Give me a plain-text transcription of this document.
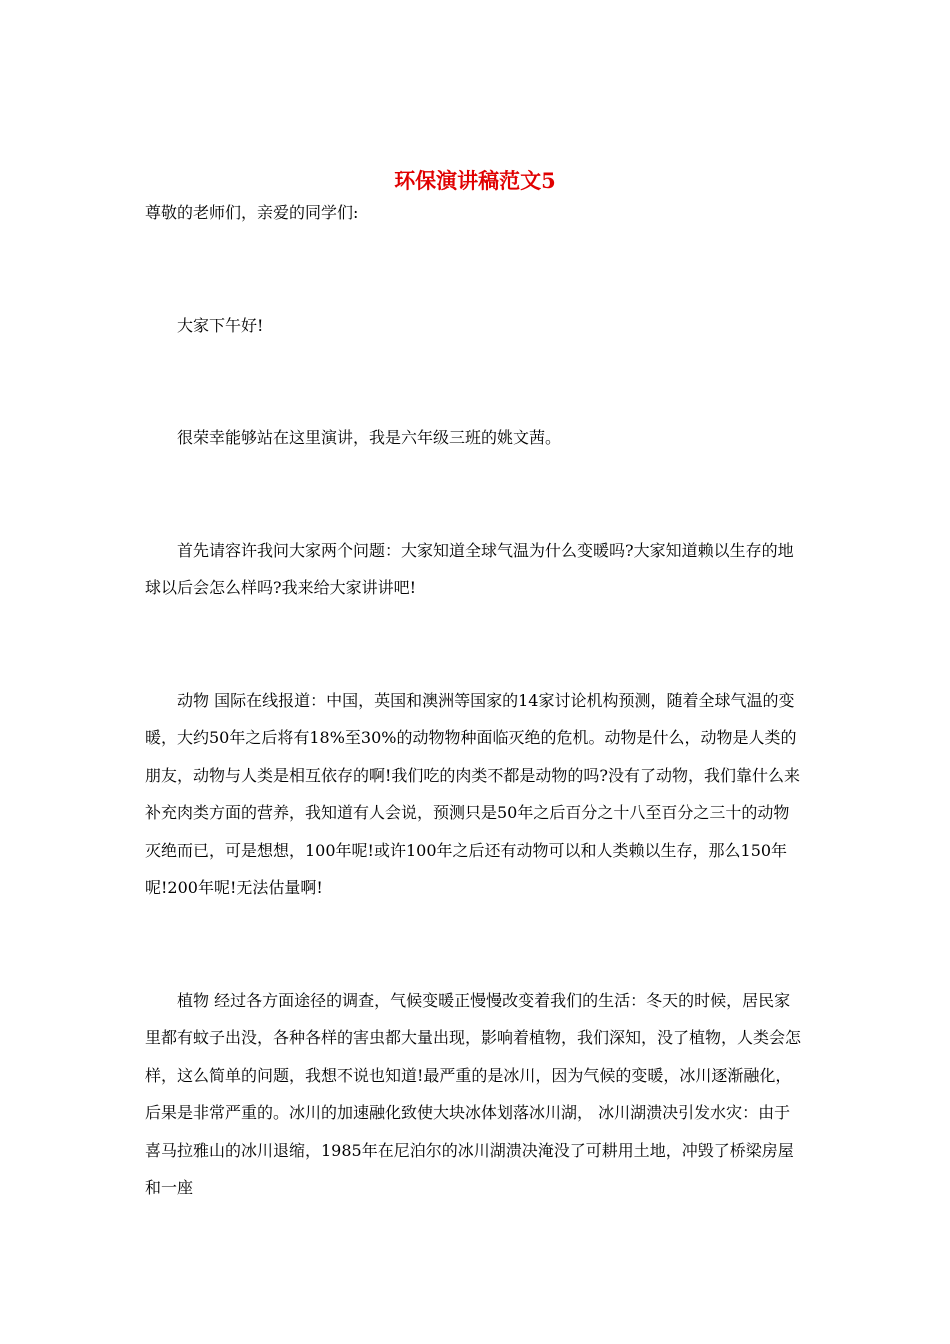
环保演讲稿范文5

尊敬的老师们，亲爱的同学们:

大家下午好!

很荣幸能够站在这里演讲，我是六年级三班的姚文茜。

首先请容许我问大家两个问题：大家知道全球气温为什么变暖吗?大家知道赖以生存的地球以后会怎么样吗?我来给大家讲讲吧!

动物 国际在线报道：中国，英国和澳洲等国家的14家讨论机构预测，随着全球气温的变暖，大约50年之后将有18%至30%的动物物种面临灭绝的危机。动物是什么，动物是人类的朋友，动物与人类是相互依存的啊!我们吃的肉类不都是动物的吗?没有了动物，我们靠什么来补充肉类方面的营养，我知道有人会说，预测只是50年之后百分之十八至百分之三十的动物灭绝而已，可是想想，100年呢!或许100年之后还有动物可以和人类赖以生存，那么150年呢!200年呢!无法估量啊!

植物 经过各方面途径的调查，气候变暖正慢慢改变着我们的生活：冬天的时候，居民家里都有蚊子出没，各种各样的害虫都大量出现，影响着植物，我们深知，没了植物，人类会怎样，这么简单的问题，我想不说也知道!最严重的是冰川，因为气候的变暖，冰川逐渐融化，后果是非常严重的。冰川的加速融化致使大块冰体划落冰川湖， 冰川湖溃决引发水灾：由于喜马拉雅山的冰川退缩，1985年在尼泊尔的冰川湖溃决淹没了可耕用土地，冲毁了桥梁房屋和一座
